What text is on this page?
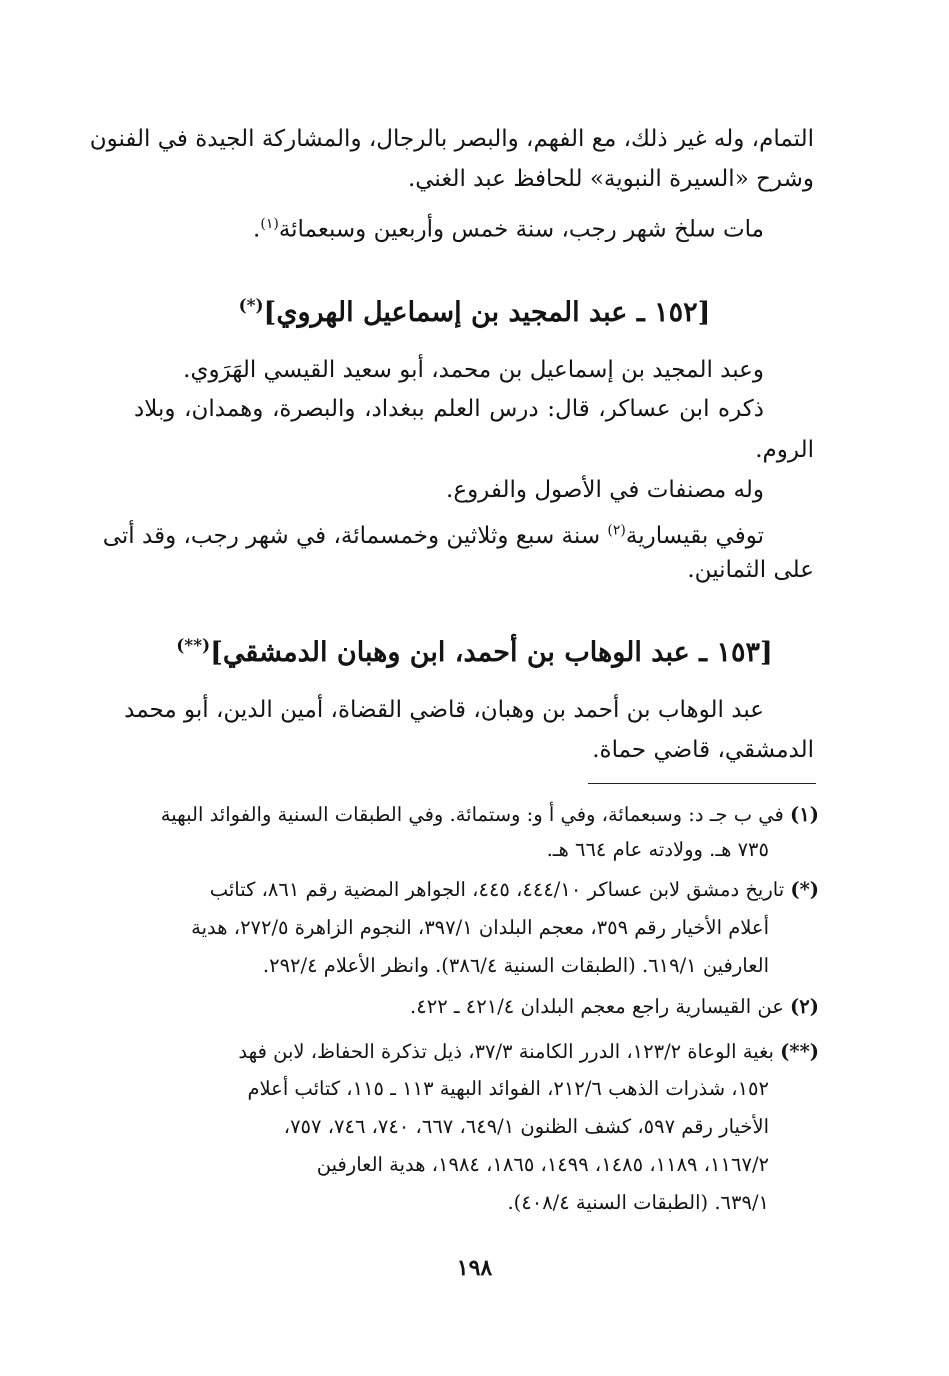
التمام، وله غير ذلك، مع الفهم، والبصر بالرجال، والمشاركة الجيدة في الفنون
وشرح «السيرة النبوية» للحافظ عبد الغني.
مات سلخ شهر رجب، سنة خمس وأربعين وسبعمائة$^{(١)}$.
[١٥٢ ـ عبد المجيد بن إسماعيل الهروي](*)
وعبد المجيد بن إسماعيل بن محمد، أبو سعيد القيسي الهَرَوي.
ذكره ابن عساكر، قال: درس العلم ببغداد، والبصرة، وهمدان، وبلاد
الروم.
وله مصنفات في الأصول والفروع.
توفي بقيسارية$^{(٢)}$ سنة سبع وثلاثين وخمسمائة، في شهر رجب، وقد أتى
على الثمانين.
[١٥٣ ـ عبد الوهاب بن أحمد، ابن وهبان الدمشقي](**)
عبد الوهاب بن أحمد بن وهبان، قاضي القضاة، أمين الدين، أبو محمد
الدمشقي، قاضي حماة.
(١) في ب جـ د: وسبعمائة، وفي أ و: وستمائة. وفي الطبقات السنية والفوائد البهية
٧٣٥ هـ. وولادته عام ٦٦٤ هـ.
(*) تاريخ دمشق لابن عساكر ٤٤٤/١٠، ٤٤٥، الجواهر المضية رقم ٨٦١، كتائب
أعلام الأخيار رقم ٣٥٩، معجم البلدان ٣٩٧/١، النجوم الزاهرة ٢٧٢/٥، هدية
العارفين ٦١٩/١. (الطبقات السنية ٣٨٦/٤). وانظر الأعلام ٢٩٢/٤.
(٢) عن القيسارية راجع معجم البلدان ٤٢١/٤ ـ ٤٢٢.
(**) بغية الوعاة ١٢٣/٢، الدرر الكامنة ٣٧/٣، ذيل تذكرة الحفاظ، لابن فهد
١٥٢، شذرات الذهب ٢١٢/٦، الفوائد البهية ١١٣ ـ ١١٥، كتائب أعلام
الأخيار رقم ٥٩٧، كشف الظنون ٦٤٩/١، ٦٦٧، ٧٤٠، ٧٤٦، ٧٥٧،
١١٦٧/٢، ١١٨٩، ١٤٨٥، ١٤٩٩، ١٨٦٥، ١٩٨٤، هدية العارفين
٦٣٩/١. (الطبقات السنية ٤٠٨/٤).
١٩٨
